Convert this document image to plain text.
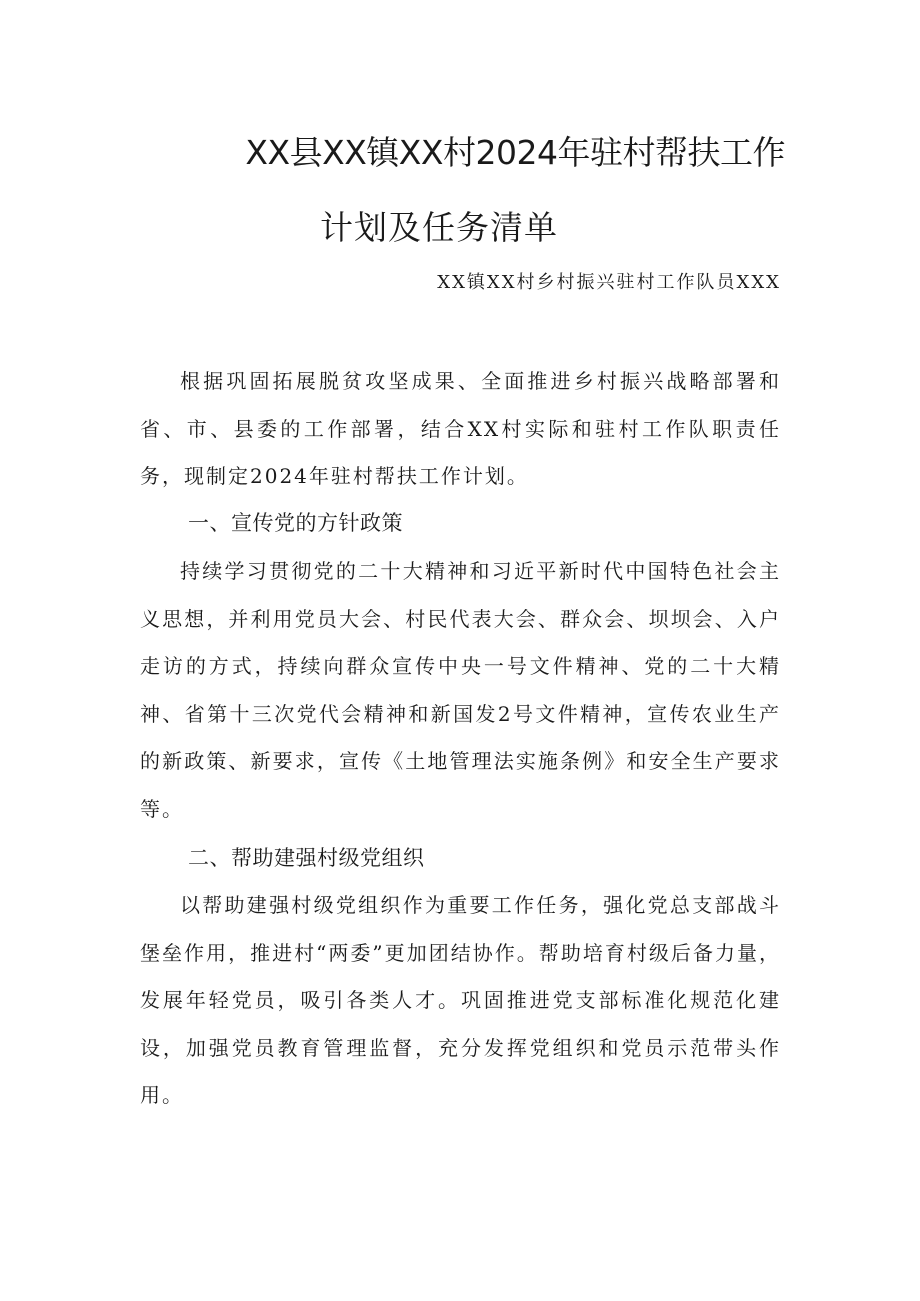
XX县XX镇XX村2024年驻村帮扶工作
计划及任务清单
XX镇XX村乡村振兴驻村工作队员XXX
根据巩固拓展脱贫攻坚成果、全面推进乡村振兴战略部署和省、市、县委的工作部署，结合XX村实际和驻村工作队职责任务，现制定2024年驻村帮扶工作计划。
一、宣传党的方针政策
持续学习贯彻党的二十大精神和习近平新时代中国特色社会主义思想，并利用党员大会、村民代表大会、群众会、坝坝会、入户走访的方式，持续向群众宣传中央一号文件精神、党的二十大精神、省第十三次党代会精神和新国发2号文件精神，宣传农业生产的新政策、新要求，宣传《土地管理法实施条例》和安全生产要求等。
二、帮助建强村级党组织
以帮助建强村级党组织作为重要工作任务，强化党总支部战斗堡垒作用，推进村“两委”更加团结协作。帮助培育村级后备力量，发展年轻党员，吸引各类人才。巩固推进党支部标准化规范化建设，加强党员教育管理监督，充分发挥党组织和党员示范带头作用。
